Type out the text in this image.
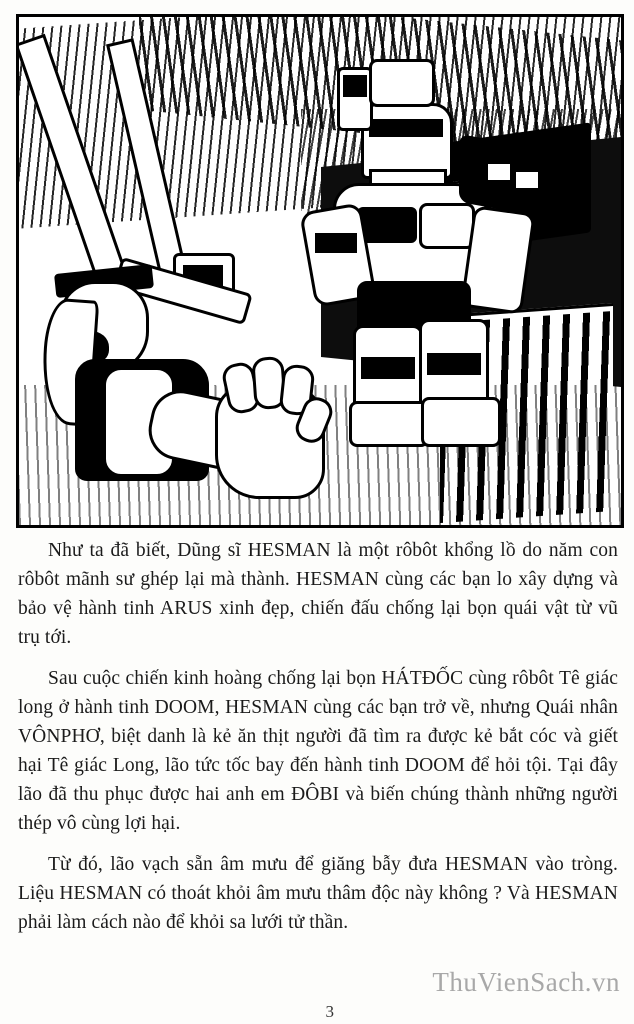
Như ta đã biết, Dũng sĩ HESMAN là một rôbôt khổng lồ do năm con rôbôt mãnh sư ghép lại mà thành. HESMAN cùng các bạn lo xây dựng và bảo vệ hành tinh ARUS xinh đẹp, chiến đấu chống lại bọn quái vật từ vũ trụ tới.

Sau cuộc chiến kinh hoàng chống lại bọn HÁTĐỐC cùng rôbôt Tê giác long ở hành tinh DOOM, HESMAN cùng các bạn trở về, nhưng Quái nhân VÔNPHƠ, biệt danh là kẻ ăn thịt người đã tìm ra được kẻ bắt cóc và giết hại Tê giác Long, lão tức tốc bay đến hành tinh DOOM để hỏi tội. Tại đây lão đã thu phục được hai anh em ĐÔBI và biến chúng thành những người thép vô cùng lợi hại.

Từ đó, lão vạch sẵn âm mưu để giăng bẫy đưa HESMAN vào tròng. Liệu HESMAN có thoát khỏi âm mưu thâm độc này không ? Và HESMAN phải làm cách nào để khỏi sa lưới tử thần.

ThuVienSach.vn
3
